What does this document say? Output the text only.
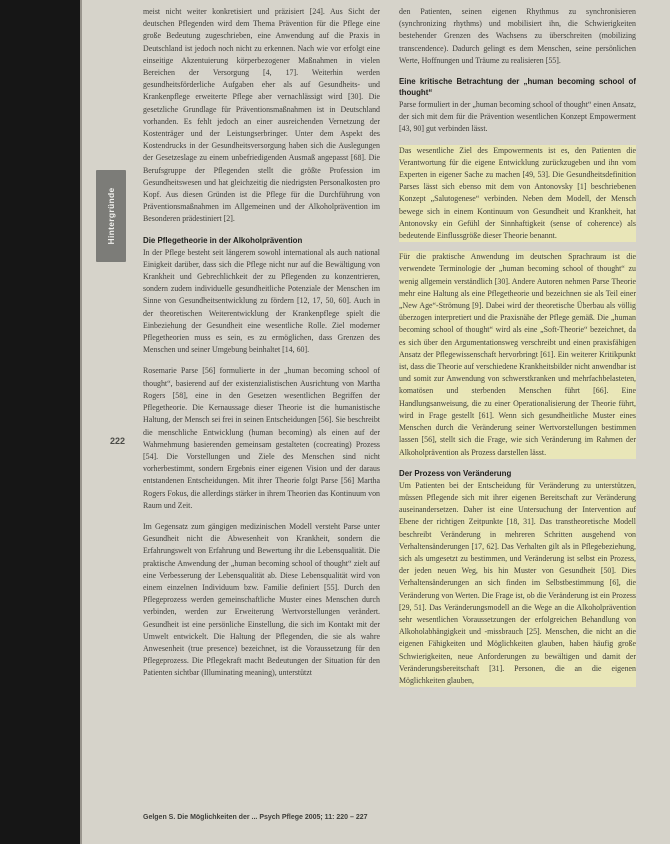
Hintergründe
222

meist nicht weiter konkretisiert und präzisiert [24]. Aus Sicht der deutschen Pflegenden wird dem Thema Prävention für die Pflege eine große Bedeutung zugeschrieben, eine Anwendung auf die Praxis in Deutschland ist jedoch noch nicht zu erkennen. Nach wie vor erfolgt eine einseitige Akzentuierung körperbezogener Maßnahmen in vielen Bereichen der Versorgung [4, 17]. Weiterhin werden gesundheitsförderliche Aufgaben eher als auf Gesundheits- und Krankenpflege erweiterte Pflege aber vernachlässigt wird [30]. Die gesetzliche Grundlage für Präventionsmaßnahmen ist in Deutschland vorhanden. Es fehlt jedoch an einer ausreichenden Vernetzung der Kostenträger und der Leistungserbringer. Unter dem Aspekt des Kostendrucks in der Gesundheitsversorgung haben sich die Auslegungen der Gesetzeslage zu einem unbefriedigenden Ausmaß angepasst [68]. Die Berufsgruppe der Pflegenden stellt die größte Profession im Gesundheitswesen und hat gleichzeitig die niedrigsten Personalkosten pro Kopf. Aus diesen Gründen ist die Pflege für die Durchführung von Präventionsmaßnahmen im Allgemeinen und der Alkoholprävention im Besonderen prädestiniert [2].

Die Pflegetheorie in der Alkoholprävention

In der Pflege besteht seit längerem sowohl international als auch national Einigkeit darüber, dass sich die Pflege nicht nur auf die Bewältigung von Krankheit und Gebrechlichkeit der zu Pflegenden zu konzentrieren, sondern zudem individuelle gesundheitliche Potenziale der Menschen im Sinne von Gesundheitsentwicklung zu fördern [12, 17, 50, 60]. Auch in der theoretischen Weiterentwicklung der Krankenpflege spielt die Einbeziehung der Gesundheit eine wesentliche Rolle. Ziel moderner Pflegetheorien muss es sein, es zu ermöglichen, dass Grenzen des Menschen und seiner Umgebung beinhaltet [14, 60].

Rosemarie Parse [56] formulierte in der „human becoming school of thought“, basierend auf der existenzialistischen Ausrichtung von Martha Rogers [58], eine in den Gesetzen wesentlichen Begriffen der Pflegetheorie. Die Kernaussage dieser Theorie ist die humanistische Haltung, der Mensch sei frei in seinen Entscheidungen [56]. Sie beschreibt die menschliche Entwicklung (human becoming) als einen auf der Wahrnehmung basierenden gemeinsam gestalteten (cocreating) Prozess [54]. Die Vorstellungen und Ziele des Menschen sind nicht vorherbestimmt, sondern Ergebnis einer eigenen Vision und der daraus entstandenen Entscheidungen. Mit ihrer Theorie folgt Parse [56] Martha Rogers Fokus, die allerdings stärker in ihrem Theorien das Kontinuum von Raum und Zeit.

Im Gegensatz zum gängigen medizinischen Modell versteht Parse unter Gesundheit nicht die Abwesenheit von Krankheit, sondern die Erfahrungswelt von Erfahrung und Bewertung ihr die Lebensqualität. Die praktische Anwendung der „human becoming school of thought“ zielt auf eine Verbesserung der Lebensqualität ab. Diese Lebensqualität wird von einem einzelnen Individuum bzw. Familie definiert [55]. Durch den Pflegeprozess werden gemeinschaftliche Muster eines Menschen durch verbinden, werden zur Erweiterung Wertvorstellungen verändert. Gesundheit ist eine persönliche Einstellung, die sich im Kontakt mit der Umwelt entwickelt. Die Haltung der Pflegenden, die sie als wahre Anwesenheit (true presence) bezeichnet, ist die Voraussetzung für den Pflegeprozess. Die Pflegekraft macht Bedeutungen der Situation für den Patienten sichtbar (Illuminating meaning), unterstützt

den Patienten, seinen eigenen Rhythmus zu synchronisieren (synchronizing rhythms) und mobilisiert ihn, die Schwierigkeiten bestehender Grenzen des Wachsens zu überschreiten (mobilizing transcendence). Dadurch gelingt es dem Menschen, seine persönlichen Werte, Hoffnungen und Träume zu realisieren [55].

Eine kritische Betrachtung der „human becoming school of thought“

Parse formuliert in der „human becoming school of thought“ einen Ansatz, der sich mit dem für die Prävention wesentlichen Konzept Empowerment [43, 90] gut verbinden lässt.

Das wesentliche Ziel des Empowerments ist es, den Patienten die Verantwortung für die eigene Entwicklung zurückzugeben und ihn vom Experten in eigener Sache zu machen [49, 53]. Die Gesundheitsdefinition Parses lässt sich ebenso mit dem von Antonovsky [1] beschriebenen Konzept „Salutogenese“ verbinden. Neben dem Modell, der Mensch bewege sich in einem Kontinuum von Gesundheit und Krankheit, hat Antonovsky ein Gefühl der Sinnhaftigkeit (sense of coherence) als bedeutende Einflussgröße dieser Theorie benannt.

Für die praktische Anwendung im deutschen Sprachraum ist die verwendete Terminologie der „human becoming school of thought“ zu wenig allgemein verständlich [30]. Andere Autoren nehmen Parse Theorie mehr eine Haltung als eine Pflegetheorie und bezeichnen sie als Teil einer „New Age“-Strömung [9]. Dabei wird der theoretische Überbau als völlig überzogen interpretiert und die Praxisnähe der Pflege gemäß. Die „human becoming school of thought“ wird als eine „Soft-Theorie“ bezeichnet, da es sich über den Argumentationsweg verschreibt und einen praxisfähigen Ansatz der Pflegewissenschaft hervorbringt [61]. Ein weiterer Kritikpunkt ist, dass die Theorie auf verschiedene Krankheitsbilder nicht anwendbar ist und somit zur Anwendung von schwerstkranken und mehrfachbelasteten, komatösen und sterbenden Menschen führt [66]. Eine Handlungsanweisung, die zu einer Operationalisierung der Theorie führt, wird in Frage gestellt [61]. Wenn sich gesundheitliche Muster eines Menschen durch die Veränderung seiner Wertvorstellungen bestimmen lassen [56], stellt sich die Frage, wie sich Veränderung im Rahmen der Alkoholprävention als Prozess darstellen lässt.

Der Prozess von Veränderung

Um Patienten bei der Entscheidung für Veränderung zu unterstützen, müssen Pflegende sich mit ihrer eigenen Bereitschaft zur Veränderung auseinandersetzen. Daher ist eine Untersuchung der Intervention auf Ebene der richtigen Zeitpunkte [18, 31]. Das transtheoretische Modell beschreibt Veränderung in mehreren Schritten ausgehend von Verhaltensänderungen [17, 62]. Das Verhalten gilt als in Pflegebeziehung, sich als umgesetzt zu bestimmen, und Veränderung ist selbst ein Prozess, der jeden neuen Weg, bis hin Muster von Gesundheit [50]. Dies Verhaltensänderungen an sich finden im Selbstbestimmung [6], die Veränderung von Werten. Die Frage ist, ob die Veränderung ist ein Prozess [29, 51]. Das Veränderungsmodell an die Wege an die Alkoholprävention sehr wesentlichen Voraussetzungen der erfolgreichen Behandlung von Alkoholabhängigkeit und -missbrauch [25]. Menschen, die nicht an die eigenen Fähigkeiten und Möglichkeiten glauben, haben häufig große Schwierigkeiten, neue Anforderungen zu bewältigen und damit der Veränderungsbereitschaft [31]. Personen, die an die eigenen Möglichkeiten glauben,

Gelgen S. Die Möglichkeiten der ... Psych Pflege 2005; 11: 220 – 227
